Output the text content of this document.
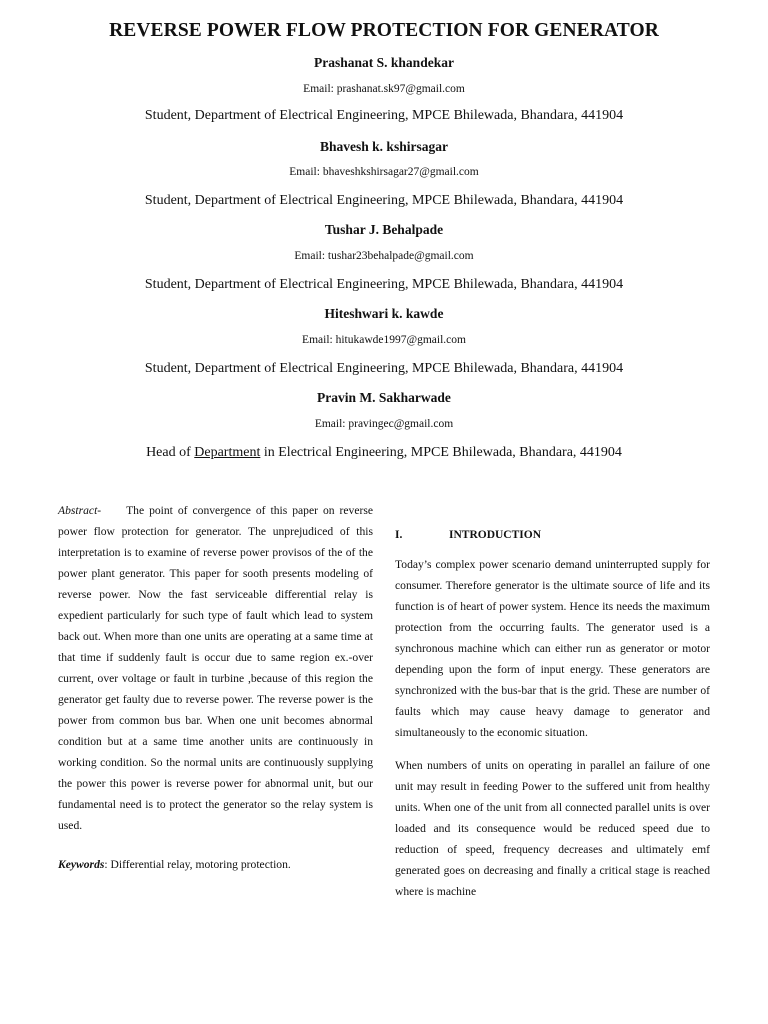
REVERSE POWER FLOW PROTECTION FOR GENERATOR
Prashanat S. khandekar
Email: prashanat.sk97@gmail.com
Student, Department of Electrical Engineering, MPCE Bhilewada, Bhandara, 441904
Bhavesh k. kshirsagar
Email: bhaveshkshirsagar27@gmail.com
Student, Department of Electrical Engineering, MPCE Bhilewada, Bhandara, 441904
Tushar J. Behalpade
Email: tushar23behalpade@gmail.com
Student, Department of Electrical Engineering, MPCE Bhilewada, Bhandara, 441904
Hiteshwari k. kawde
Email: hitukawde1997@gmail.com
Student, Department of Electrical Engineering, MPCE Bhilewada, Bhandara, 441904
Pravin M. Sakharwade
Email: pravingec@gmail.com
Head of Department in Electrical Engineering, MPCE Bhilewada, Bhandara, 441904

Abstract- The point of convergence of this paper on reverse power flow protection for generator. The unprejudiced of this interpretation is to examine of reverse power provisos of the of the power plant generator. This paper for sooth presents modeling of reverse power. Now the fast serviceable differential relay is expedient particularly for such type of fault which lead to system back out. When more than one units are operating at a same time at that time if suddenly fault is occur due to same region ex.-over current, over voltage or fault in turbine ,because of this region the generator get faulty due to reverse power. The reverse power is the power from common bus bar. When one unit becomes abnormal condition but at a same time another units are continuously in working condition. So the normal units are continuously supplying the power this power is reverse power for abnormal unit, but our fundamental need is to protect the generator so the relay system is used.

Keywords: Differential relay, motoring protection.

I.	INTRODUCTION

Today’s complex power scenario demand uninterrupted supply for consumer. Therefore generator is the ultimate source of life and its function is of heart of power system. Hence its needs the maximum protection from the occurring faults. The generator used is a synchronous machine which can either run as generator or motor depending upon the form of input energy. These generators are synchronized with the bus-bar that is the grid. These are number of faults which may cause heavy damage to generator and simultaneously to the economic situation.

When numbers of units on operating in parallel an failure of one unit may result in feeding Power to the suffered unit from healthy units. When one of the unit from all connected parallel units is over loaded and its consequence would be reduced speed due to reduction of speed, frequency decreases and ultimately emf generated goes on decreasing and finally a critical stage is reached where is machine
